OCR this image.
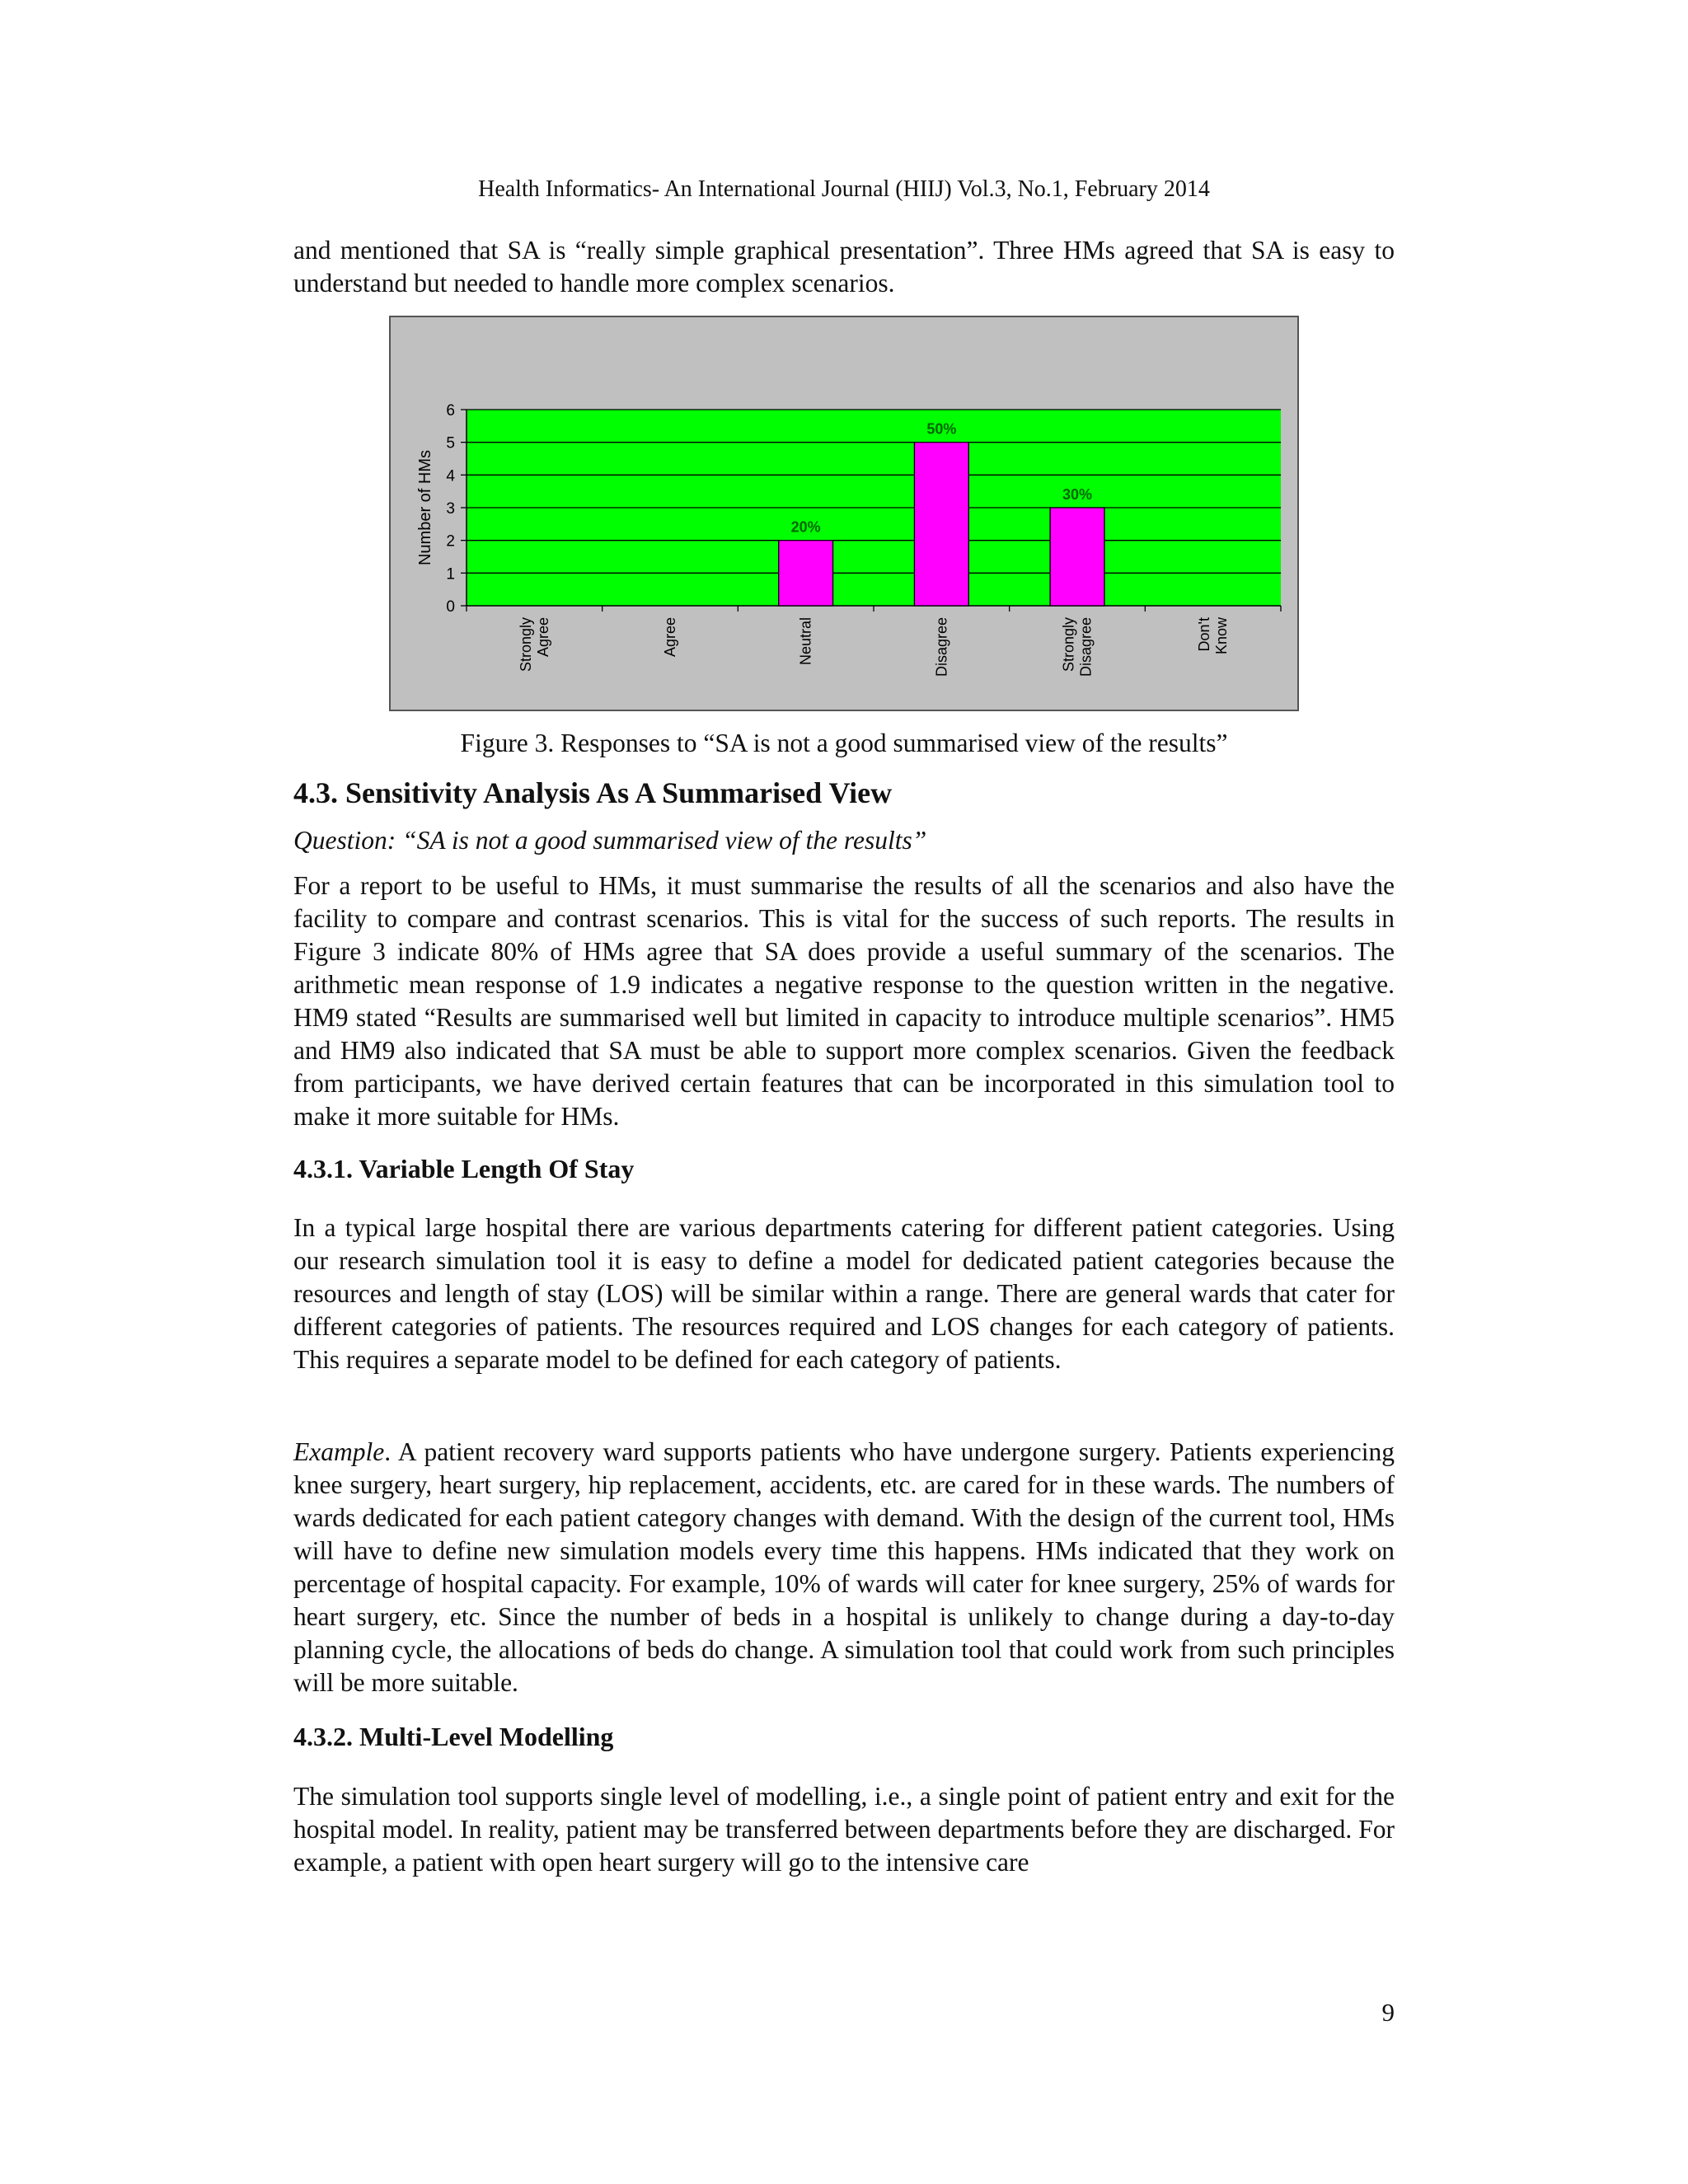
Health Informatics- An International Journal (HIIJ) Vol.3, No.1, February 2014

and mentioned that SA is “really simple graphical presentation”. Three HMs agreed that SA is easy to understand but needed to handle more complex scenarios.

0
1
2
3
4
5
6
StronglyAgree	Agree
20%
Neutral
50%
Disagree
30%
StronglyDisagree	Don'tKnow
Number of HMs

Figure 3. Responses to “SA is not a good summarised view of the results”

4.3. Sensitivity Analysis As A Summarised View

Question: “SA is not a good summarised view of the results”

For a report to be useful to HMs, it must summarise the results of all the scenarios and also have the facility to compare and contrast scenarios. This is vital for the success of such reports. The results in Figure 3 indicate 80% of HMs agree that SA does provide a useful summary of the scenarios. The arithmetic mean response of 1.9 indicates a negative response to the question written in the negative. HM9 stated “Results are summarised well but limited in capacity to introduce multiple scenarios”. HM5 and HM9 also indicated that SA must be able to support more complex scenarios. Given the feedback from participants, we have derived certain features that can be incorporated in this simulation tool to make it more suitable for HMs.

4.3.1. Variable Length Of Stay

In a typical large hospital there are various departments catering for different patient categories. Using our research simulation tool it is easy to define a model for dedicated patient categories because the resources and length of stay (LOS) will be similar within a range. There are general wards that cater for different categories of patients. The resources required and LOS changes for each category of patients. This requires a separate model to be defined for each category of patients.

Example. A patient recovery ward supports patients who have undergone surgery. Patients experiencing knee surgery, heart surgery, hip replacement, accidents, etc. are cared for in these wards. The numbers of wards dedicated for each patient category changes with demand. With the design of the current tool, HMs will have to define new simulation models every time this happens. HMs indicated that they work on percentage of hospital capacity. For example, 10% of wards will cater for knee surgery, 25% of wards for heart surgery, etc. Since the number of beds in a hospital is unlikely to change during a day-to-day planning cycle, the allocations of beds do change. A simulation tool that could work from such principles will be more suitable.

4.3.2. Multi-Level Modelling

The simulation tool supports single level of modelling, i.e., a single point of patient entry and exit for the hospital model. In reality, patient may be transferred between departments before they are discharged. For example, a patient with open heart surgery will go to the intensive care

9
